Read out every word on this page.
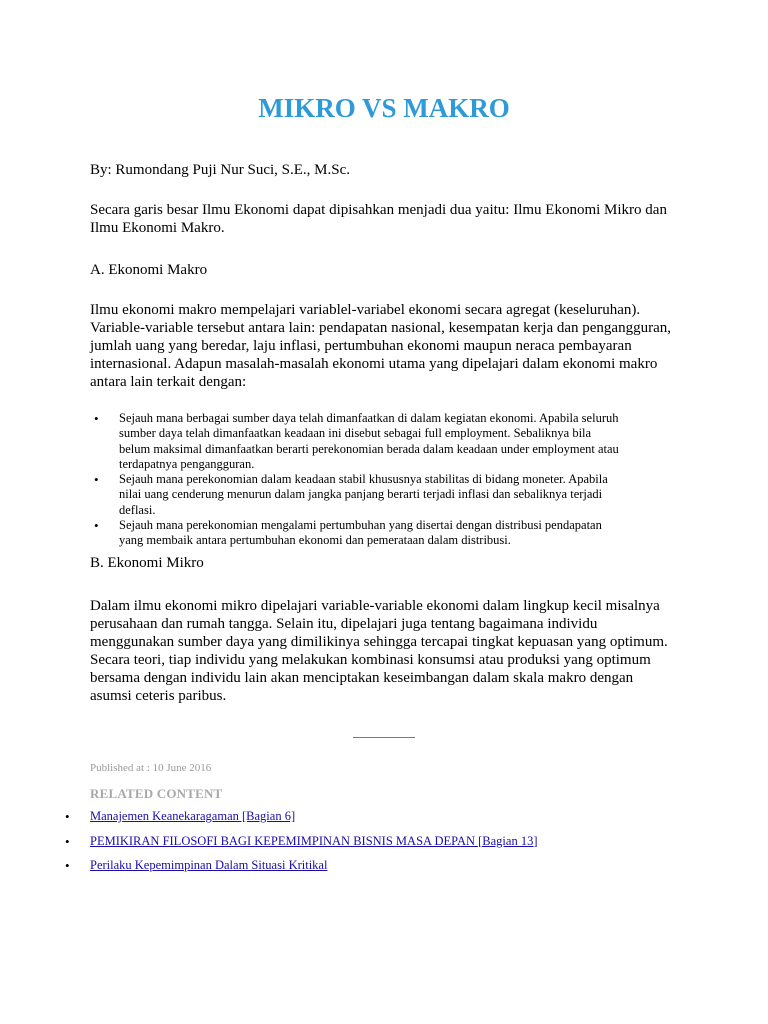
MIKRO VS MAKRO

By: Rumondang Puji Nur Suci, S.E., M.Sc.

Secara garis besar Ilmu Ekonomi dapat dipisahkan menjadi dua yaitu: Ilmu Ekonomi Mikro dan
Ilmu Ekonomi Makro.

A. Ekonomi Makro

Ilmu ekonomi makro mempelajari variablel-variabel ekonomi secara agregat (keseluruhan).
Variable-variable tersebut antara lain: pendapatan nasional, kesempatan kerja dan pengangguran,
jumlah uang yang beredar, laju inflasi, pertumbuhan ekonomi maupun neraca pembayaran
internasional. Adapun masalah-masalah ekonomi utama yang dipelajari dalam ekonomi makro
antara lain terkait dengan:

• Sejauh mana berbagai sumber daya telah dimanfaatkan di dalam kegiatan ekonomi. Apabila seluruh
sumber daya telah dimanfaatkan keadaan ini disebut sebagai full employment. Sebaliknya bila
belum maksimal dimanfaatkan berarti perekonomian berada dalam keadaan under employment atau
terdapatnya pengangguran.
• Sejauh mana perekonomian dalam keadaan stabil khususnya stabilitas di bidang moneter. Apabila
nilai uang cenderung menurun dalam jangka panjang berarti terjadi inflasi dan sebaliknya terjadi
deflasi.
• Sejauh mana perekonomian mengalami pertumbuhan yang disertai dengan distribusi pendapatan
yang membaik antara pertumbuhan ekonomi dan pemerataan dalam distribusi.

B. Ekonomi Mikro

Dalam ilmu ekonomi mikro dipelajari variable-variable ekonomi dalam lingkup kecil misalnya
perusahaan dan rumah tangga. Selain itu, dipelajari juga tentang bagaimana individu
menggunakan sumber daya yang dimilikinya sehingga tercapai tingkat kepuasan yang optimum.
Secara teori, tiap individu yang melakukan kombinasi konsumsi atau produksi yang optimum
bersama dengan individu lain akan menciptakan keseimbangan dalam skala makro dengan
asumsi ceteris paribus.

Published at : 10 June 2016

RELATED CONTENT

• Manajemen Keanekaragaman [Bagian 6]
• PEMIKIRAN FILOSOFI BAGI KEPEMIMPINAN BISNIS MASA DEPAN [Bagian 13]
• Perilaku Kepemimpinan Dalam Situasi Kritikal
